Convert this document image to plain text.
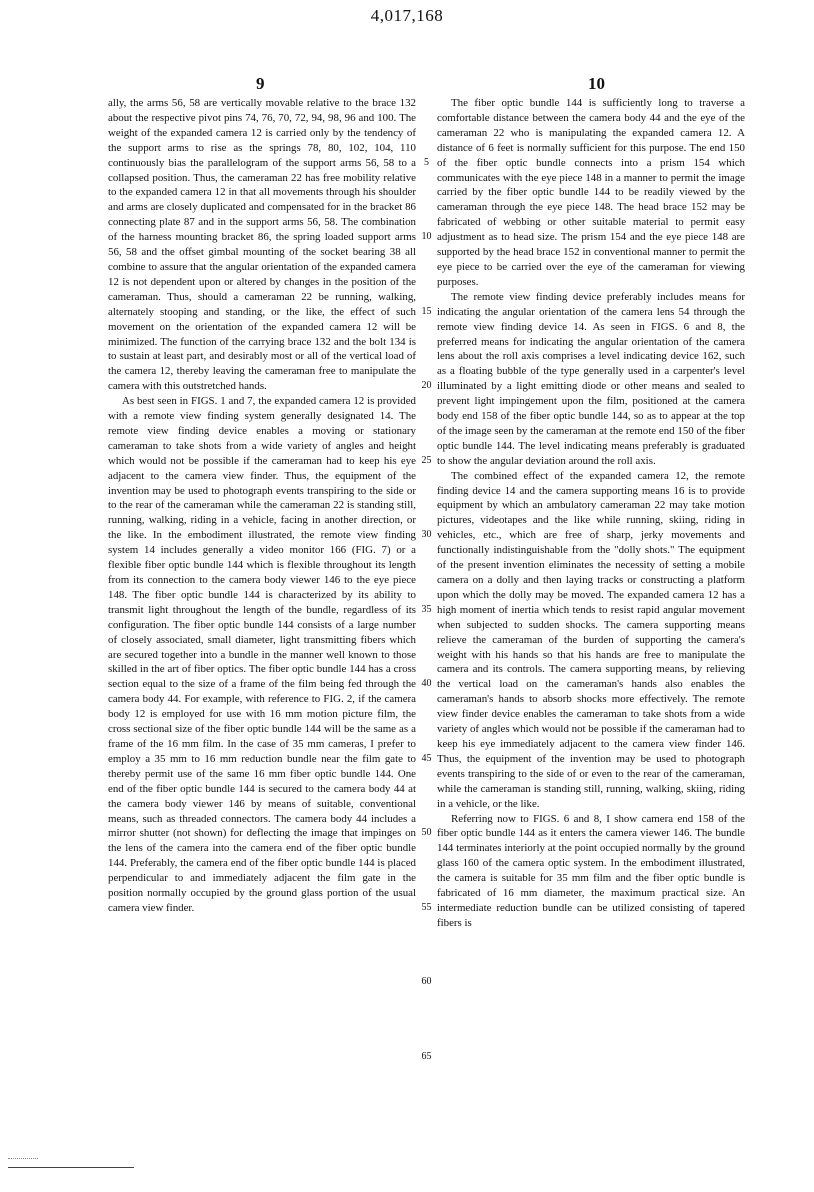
4,017,168
9	10

ally, the arms 56, 58 are vertically movable relative to the brace 132 about the respective pivot pins 74, 76, 70, 72, 94, 98, 96 and 100. The weight of the expanded camera 12 is carried only by the tendency of the support arms to rise as the springs 78, 80, 102, 104, 110 continuously bias the parallelogram of the support arms 56, 58 to a collapsed position. Thus, the cameraman 22 has free mobility relative to the expanded camera 12 in that all movements through his shoulder and arms are closely duplicated and compensated for in the bracket 86 connecting plate 87 and in the support arms 56, 58. The combination of the harness mounting bracket 86, the spring loaded support arms 56, 58 and the offset gimbal mounting of the socket bearing 38 all combine to assure that the angular orientation of the expanded camera 12 is not dependent upon or altered by changes in the position of the cameraman. Thus, should a cameraman 22 be running, walking, alternately stooping and standing, or the like, the effect of such movement on the orientation of the expanded camera 12 will be minimized. The function of the carrying brace 132 and the bolt 134 is to sustain at least part, and desirably most or all of the vertical load of the camera 12, thereby leaving the cameraman free to manipulate the camera with this outstretched hands.

As best seen in FIGS. 1 and 7, the expanded camera 12 is provided with a remote view finding system generally designated 14. The remote view finding device enables a moving or stationary cameraman to take shots from a wide variety of angles and height which would not be possible if the cameraman had to keep his eye adjacent to the camera view finder. Thus, the equipment of the invention may be used to photograph events transpiring to the side or to the rear of the cameraman while the cameraman 22 is standing still, running, walking, riding in a vehicle, facing in another direction, or the like. In the embodiment illustrated, the remote view finding system 14 includes generally a video monitor 166 (FIG. 7) or a flexible fiber optic bundle 144 which is flexible throughout its length from its connection to the camera body viewer 146 to the eye piece 148. The fiber optic bundle 144 is characterized by its ability to transmit light throughout the length of the bundle, regardless of its configuration. The fiber optic bundle 144 consists of a large number of closely associated, small diameter, light transmitting fibers which are secured together into a bundle in the manner well known to those skilled in the art of fiber optics. The fiber optic bundle 144 has a cross section equal to the size of a frame of the film being fed through the camera body 44. For example, with reference to FIG. 2, if the camera body 12 is employed for use with 16 mm motion picture film, the cross sectional size of the fiber optic bundle 144 will be the same as a frame of the 16 mm film. In the case of 35 mm cameras, I prefer to employ a 35 mm to 16 mm reduction bundle near the film gate to thereby permit use of the same 16 mm fiber optic bundle 144. One end of the fiber optic bundle 144 is secured to the camera body 44 at the camera body viewer 146 by means of suitable, conventional means, such as threaded connectors. The camera body 44 includes a mirror shutter (not shown) for deflecting the image that impinges on the lens of the camera into the camera end of the fiber optic bundle 144. Preferably, the camera end of the fiber optic bundle 144 is placed perpendicular to and immediately adjacent the film gate in the position normally occupied by the ground glass portion of the usual camera view finder.

5
10
15
20
25
30
35
40
45
50
55
60
65

The fiber optic bundle 144 is sufficiently long to traverse a comfortable distance between the camera body 44 and the eye of the cameraman 22 who is manipulating the expanded camera 12. A distance of 6 feet is normally sufficient for this purpose. The end 150 of the fiber optic bundle connects into a prism 154 which communicates with the eye piece 148 in a manner to permit the image carried by the fiber optic bundle 144 to be readily viewed by the cameraman through the eye piece 148. The head brace 152 may be fabricated of webbing or other suitable material to permit easy adjustment as to head size. The prism 154 and the eye piece 148 are supported by the head brace 152 in conventional manner to permit the eye piece to be carried over the eye of the cameraman for viewing purposes.

The remote view finding device preferably includes means for indicating the angular orientation of the camera lens 54 through the remote view finding device 14. As seen in FIGS. 6 and 8, the preferred means for indicating the angular orientation of the camera lens about the roll axis comprises a level indicating device 162, such as a floating bubble of the type generally used in a carpenter's level illuminated by a light emitting diode or other means and sealed to prevent light impingement upon the film, positioned at the camera body end 158 of the fiber optic bundle 144, so as to appear at the top of the image seen by the cameraman at the remote end 150 of the fiber optic bundle 144. The level indicating means preferably is graduated to show the angular deviation around the roll axis.

The combined effect of the expanded camera 12, the remote finding device 14 and the camera supporting means 16 is to provide equipment by which an ambulatory cameraman 22 may take motion pictures, videotapes and the like while running, skiing, riding in vehicles, etc., which are free of sharp, jerky movements and functionally indistinguishable from the "dolly shots." The equipment of the present invention eliminates the necessity of setting a mobile camera on a dolly and then laying tracks or constructing a platform upon which the dolly may be moved. The expanded camera 12 has a high moment of inertia which tends to resist rapid angular movement when subjected to sudden shocks. The camera supporting means relieve the cameraman of the burden of supporting the camera's weight with his hands so that his hands are free to manipulate the camera and its controls. The camera supporting means, by relieving the vertical load on the cameraman's hands also enables the cameraman's hands to absorb shocks more effectively. The remote view finder device enables the cameraman to take shots from a wide variety of angles which would not be possible if the cameraman had to keep his eye immediately adjacent to the camera view finder 146. Thus, the equipment of the invention may be used to photograph events transpiring to the side of or even to the rear of the cameraman, while the cameraman is standing still, running, walking, skiing, riding in a vehicle, or the like.

Referring now to FIGS. 6 and 8, I show camera end 158 of the fiber optic bundle 144 as it enters the camera viewer 146. The bundle 144 terminates interiorly at the point occupied normally by the ground glass 160 of the camera optic system. In the embodiment illustrated, the camera is suitable for 35 mm film and the fiber optic bundle is fabricated of 16 mm diameter, the maximum practical size. An intermediate reduction bundle can be utilized consisting of tapered fibers is
